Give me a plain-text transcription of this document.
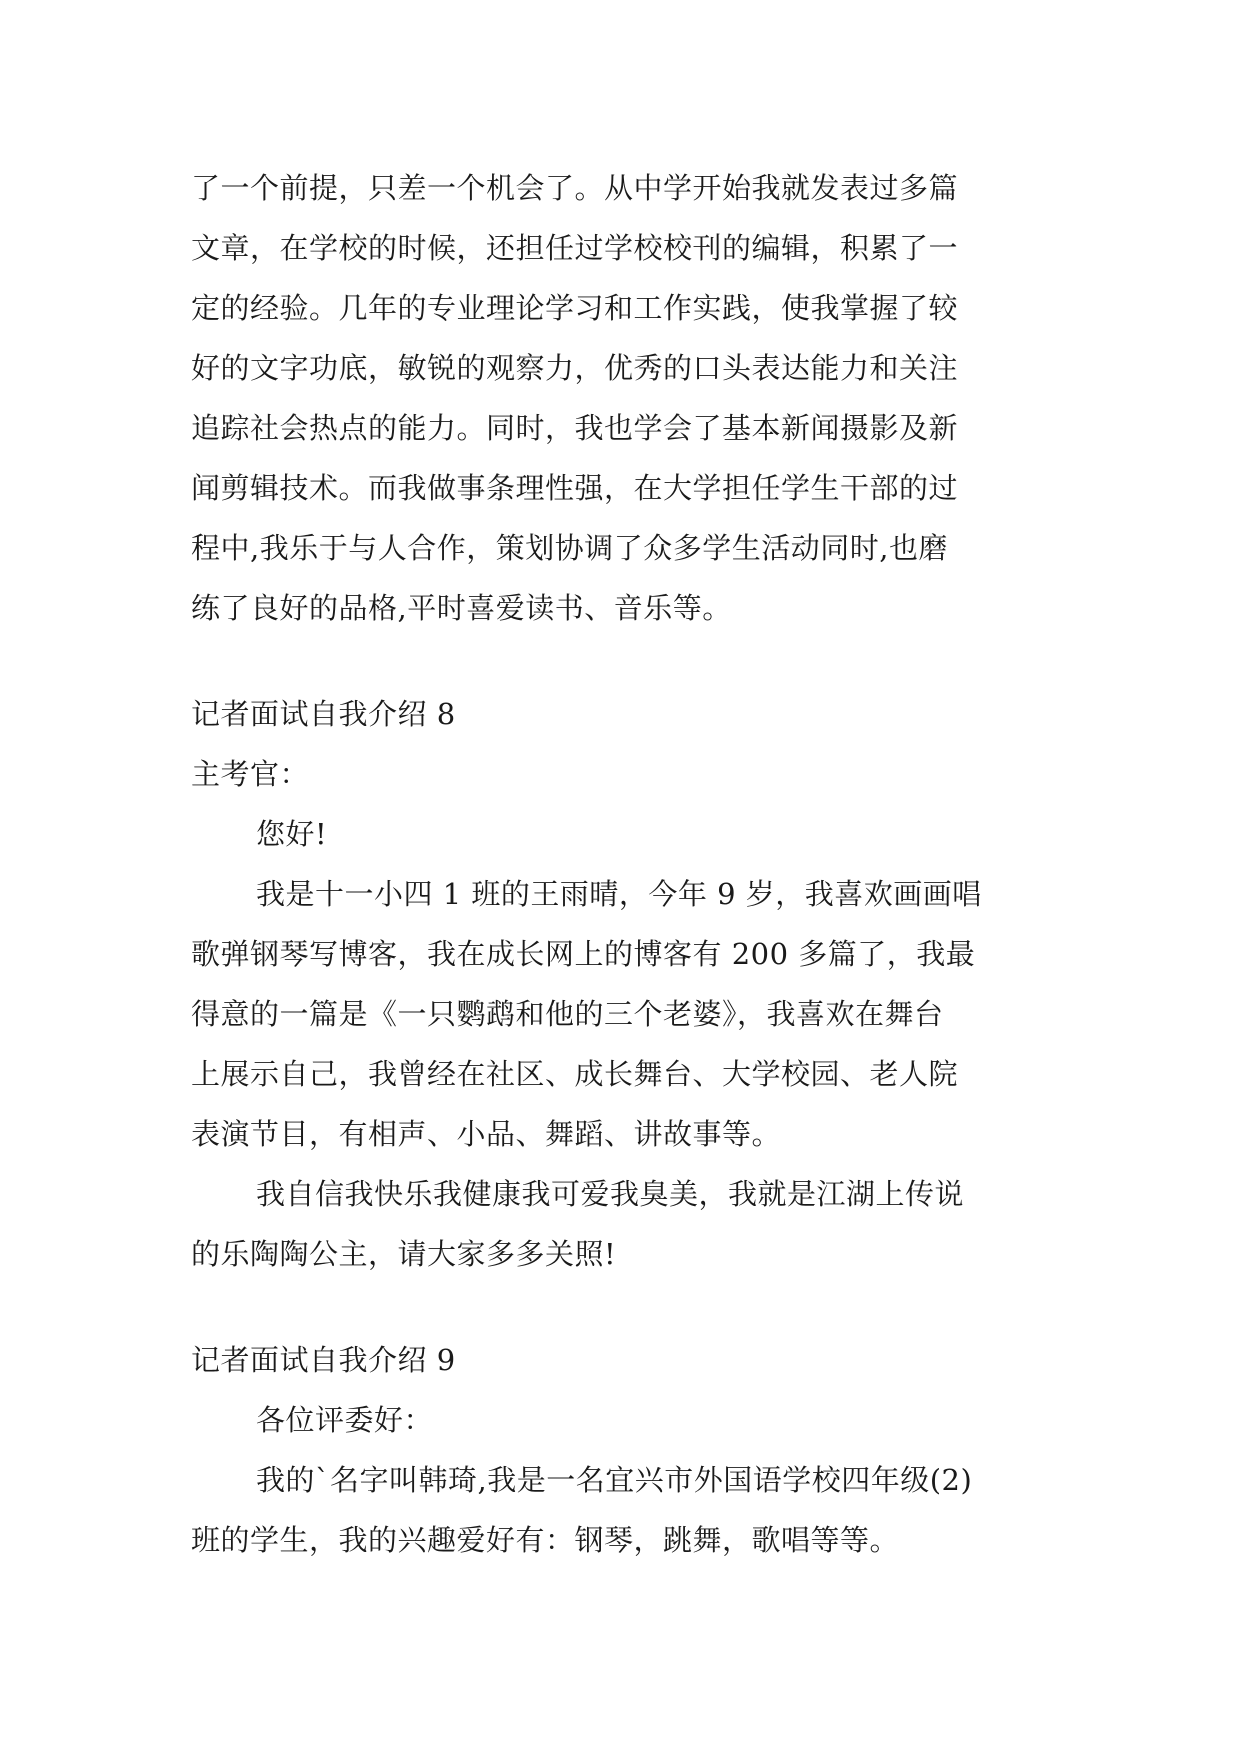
了一个前提，只差一个机会了。从中学开始我就发表过多篇
文章，在学校的时候，还担任过学校校刊的编辑，积累了一
定的经验。几年的专业理论学习和工作实践，使我掌握了较
好的文字功底，敏锐的观察力，优秀的口头表达能力和关注
追踪社会热点的能力。同时，我也学会了基本新闻摄影及新
闻剪辑技术。而我做事条理性强，在大学担任学生干部的过
程中,我乐于与人合作，策划协调了众多学生活动同时,也磨
练了良好的品格,平时喜爱读书、音乐等。
记者面试自我介绍 8
主考官：
您好!
我是十一小四 1 班的王雨晴，今年 9 岁，我喜欢画画唱
歌弹钢琴写博客，我在成长网上的博客有 200 多篇了，我最
得意的一篇是《一只鹦鹉和他的三个老婆》，我喜欢在舞台
上展示自己，我曾经在社区、成长舞台、大学校园、老人院
表演节目，有相声、小品、舞蹈、讲故事等。
我自信我快乐我健康我可爱我臭美，我就是江湖上传说
的乐陶陶公主，请大家多多关照!
记者面试自我介绍 9
各位评委好：
我的`名字叫韩琦,我是一名宜兴市外国语学校四年级(2)
班的学生，我的兴趣爱好有：钢琴，跳舞，歌唱等等。
